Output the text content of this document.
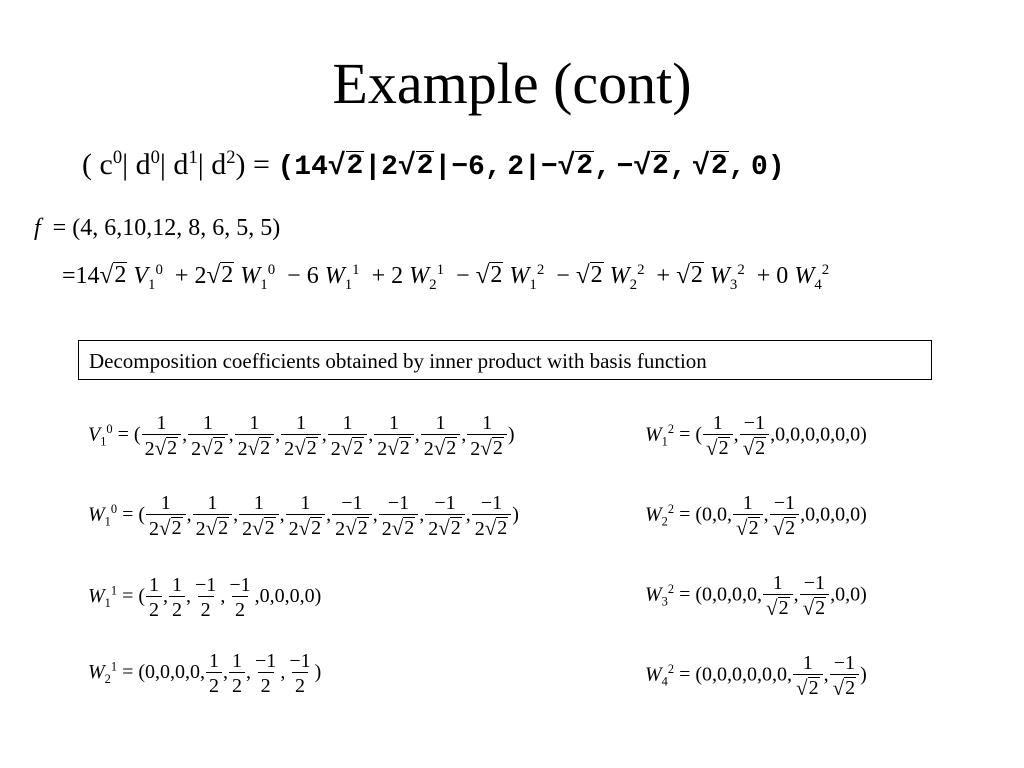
Example (cont)
( $c^0|$ $d^0|$ $d^1|$ $d^2) = (14$ √ 2 |2 √ 2 |−6, 2|− √ 2 , − √ 2 ,  √ 2 , 0)
f  = (4, 6,10,12, 8, 6, 5, 5)
=14 √ 2 $V_1^0 + 2$ √ 2 $W_1^0 - 6$ $W_1^1 + 2$ $W_2^1$  − √ 2 $W_1^2$  − √ 2 $W_2^2$  + √ 2 $W_3^2 + 0$ $W_4^2$
Decomposition coefficients obtained by inner product with basis function
$V_1^0$ = ( $\frac{1}{2 √ 2}$ , $\frac{1}{2 √ 2}$ , $\frac{1}{2 √ 2}$ , $\frac{1}{2 √ 2}$ , $\frac{1}{2 √ 2}$ , $\frac{1}{2 √ 2}$ , $\frac{1}{2 √ 2}$ , $\frac{1}{2 √ 2}$ )
$W_1^0$ = ( $\frac{1}{2 √ 2}$ , $\frac{1}{2 √ 2}$ , $\frac{1}{2 √ 2}$ , $\frac{1}{2 √ 2}$ , $\frac{-1}{2 √ 2}$ , $\frac{-1}{2 √ 2}$ , $\frac{-1}{2 √ 2}$ , $\frac{-1}{2 √ 2}$ )
$W_1^1$ = ( $\frac{1}{2}$ , $\frac{1}{2}$ , $\frac{-1}{2}$ , $\frac{-1}{2} ,0,0,0,0$)
$W_2^1 = (0,0,0,0$, $\frac{1}{2}$ , $\frac{1}{2}$ , $\frac{-1}{2}$ , $\frac{-1}{2}$ )
$W_1^2$ = ( $\frac{1}{√ 2}$ , $\frac{-1}{√ 2} ,0,0,0,0,0,0$)
$W_2^2 = (0,0$, $\frac{1}{√ 2}$ , $\frac{-1}{√ 2} ,0,0,0,0$)
$W_3^2 = (0,0,0,0$, $\frac{1}{√ 2}$ , $\frac{-1}{√ 2} ,0,0$)
$W_4^2 = (0,0,0,0,0,0$, $\frac{1}{√ 2}$ , $\frac{-1}{√ 2}$ )
